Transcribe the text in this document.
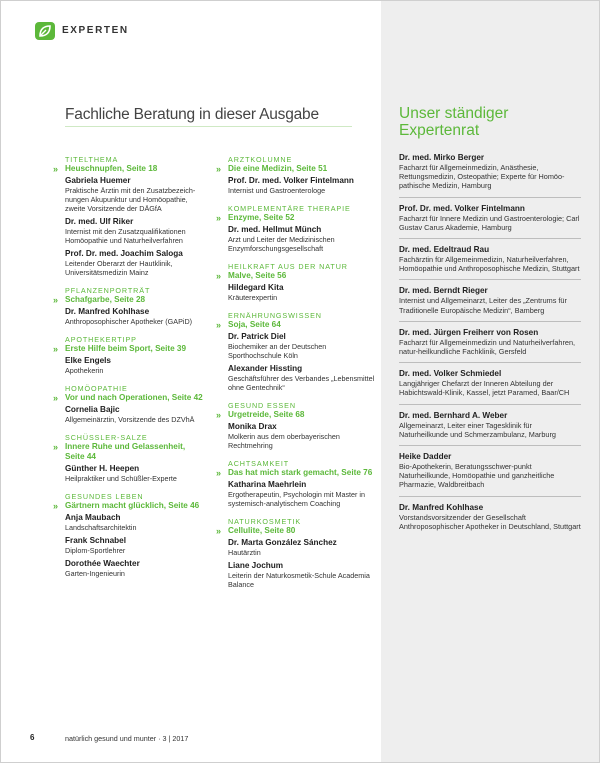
EXPERTEN
Fachliche Beratung in dieser Ausgabe
TITELTHEMA
» Heuschnupfen, Seite 18
Gabriela Huemer
Praktische Ärztin mit den Zusatzbezeich-nungen Akupunktur und Homöopathie, zweite Vorsitzende der DÄGfA
Dr. med. Ulf Riker
Internist mit den Zusatzqualifikationen Homöopathie und Naturheilverfahren
Prof. Dr. med. Joachim Saloga
Leitender Oberarzt der Hautklinik, Universitätsmedizin Mainz
PFLANZENPORTRÄT
» Schafgarbe, Seite 28
Dr. Manfred Kohlhase
Anthroposophischer Apotheker (GAPiD)
APOTHEKERTIPP
» Erste Hilfe beim Sport, Seite 39
Elke Engels
Apothekerin
HOMÖOPATHIE
» Vor und nach Operationen, Seite 42
Cornelia Bajic
Allgemeinärztin, Vorsitzende des DZVhÄ
SCHÜSSLER-SALZE
» Innere Ruhe und Gelassenheit, Seite 44
Günther H. Heepen
Heilpraktiker und Schüßler-Experte
GESUNDES LEBEN
» Gärtnern macht glücklich, Seite 46
Anja Maubach
Landschaftsarchitektin
Frank Schnabel
Diplom-Sportlehrer
Dorothée Waechter
Garten-Ingenieurin
ARZTKOLUMNE
» Die eine Medizin, Seite 51
Prof. Dr. med. Volker Fintelmann
Internist und Gastroenterologe
KOMPLEMENTÄRE THERAPIE
» Enzyme, Seite 52
Dr. med. Hellmut Münch
Arzt und Leiter der Medizinischen Enzymforschungsgesellschaft
HEILKRAFT AUS DER NATUR
» Malve, Seite 56
Hildegard Kita
Kräuterexpertin
ERNÄHRUNGSWISSEN
» Soja, Seite 64
Dr. Patrick Diel
Biochemiker an der Deutschen Sporthochschule Köln
Alexander Hissting
Geschäftsführer des Verbandes „Lebensmittel ohne Gentechnik“
GESUND ESSEN
» Urgetreide, Seite 68
Monika Drax
Molkerin aus dem oberbayerischen Rechtmehring
ACHTSAMKEIT
» Das hat mich stark gemacht, Seite 76
Katharina Maehrlein
Ergotherapeutin, Psychologin mit Master in systemisch-analytischem Coaching
NATURKOSMETIK
» Cellulite, Seite 80
Dr. Marta González Sánchez
Hautärztin
Liane Jochum
Leiterin der Naturkosmetik-Schule Academia Balance
Unser ständiger Expertenrat
Dr. med. Mirko Berger
Facharzt für Allgemeinmedizin, Anästhesie, Rettungsmedizin, Osteopathie; Experte für Homöo-pathische Medizin, Hamburg
Prof. Dr. med. Volker Fintelmann
Facharzt für Innere Medizin und Gastroenterologie; Carl Gustav Carus Akademie, Hamburg
Dr. med. Edeltraud Rau
Fachärztin für Allgemeinmedizin, Naturheilverfahren, Homöopathie und Anthroposophische Medizin, Stuttgart
Dr. med. Berndt Rieger
Internist und Allgemeinarzt, Leiter des „Zentrums für Traditionelle Europäische Medizin“, Bamberg
Dr. med. Jürgen Freiherr von Rosen
Facharzt für Allgemeinmedizin und Naturheilverfahren, natur-heilkundliche Fachklinik, Gersfeld
Dr. med. Volker Schmiedel
Langjähriger Chefarzt der Inneren Abteilung der Habichtswald-Klinik, Kassel, jetzt Paramed, Baar/CH
Dr. med. Bernhard A. Weber
Allgemeinarzt, Leiter einer Tagesklinik für Naturheilkunde und Schmerzambulanz, Marburg
Heike Dadder
Bio-Apothekerin, Beratungsschwer-punkt Naturheilkunde, Homöopathie und ganzheitliche Pharmazie, Waldbreitbach
Dr. Manfred Kohlhase
Vorstandsvorsitzender der Gesellschaft Anthroposophischer Apotheker in Deutschland, Stuttgart
6	natürlich gesund und munter · 3 | 2017
